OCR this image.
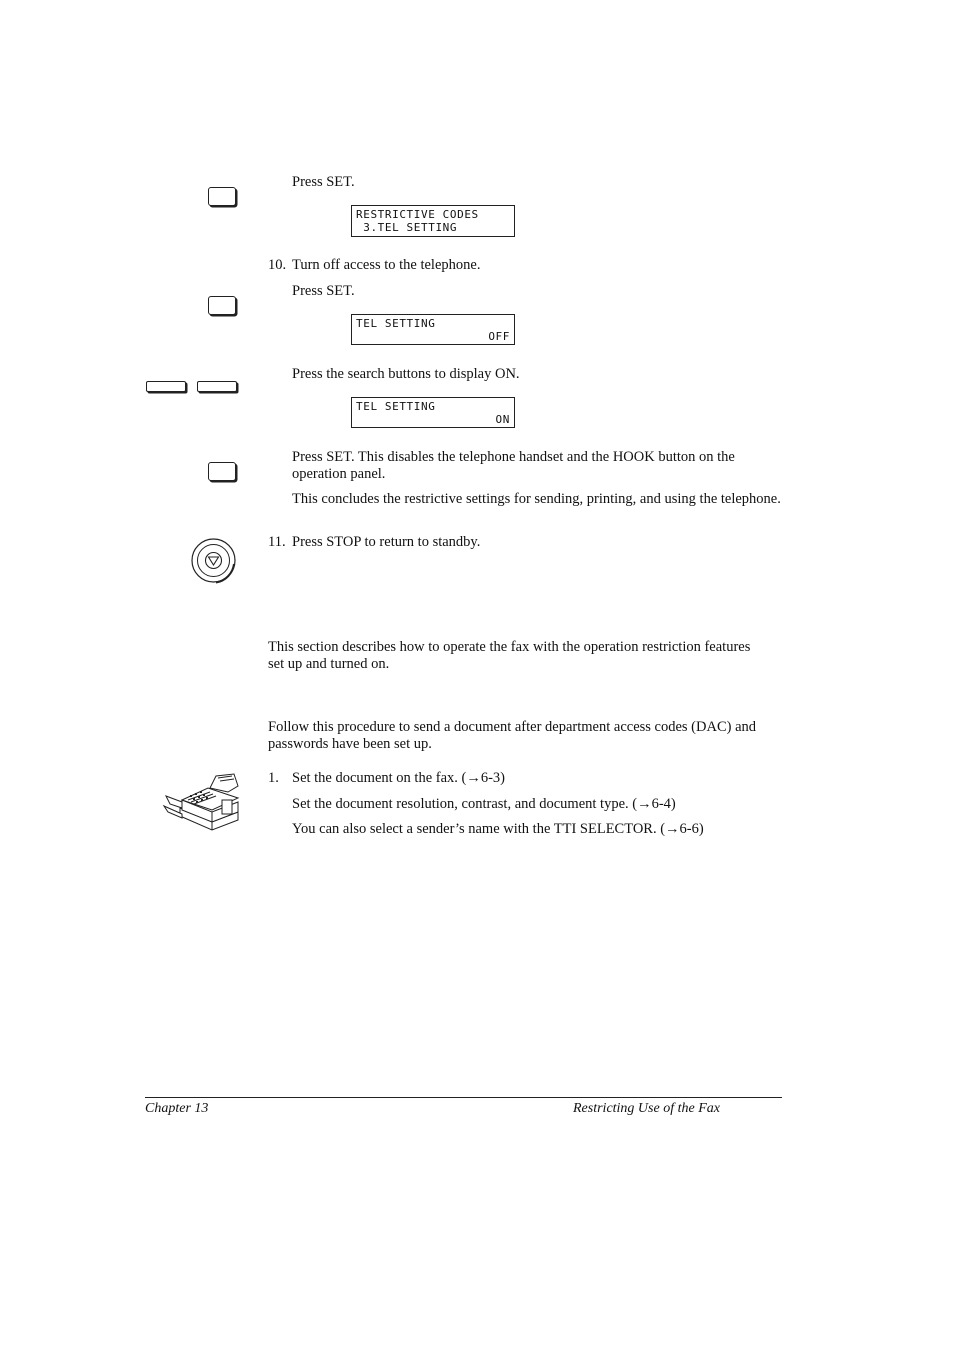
Press SET.
RESTRICTIVE CODES
3.TEL SETTING
10. Turn off access to the telephone.
Press SET.
TEL SETTING
OFF
Press the search buttons to display ON.
TEL SETTING
ON
Press SET. This disables the telephone handset and the HOOK button on the operation panel.
This concludes the restrictive settings for sending, printing, and using the telephone.
11. Press STOP to return to standby.
This section describes how to operate the fax with the operation restriction features set up and turned on.
Follow this procedure to send a document after department access codes (DAC) and passwords have been set up.
1. Set the document on the fax. (→6-3)
Set the document resolution, contrast, and document type. (→6-4)
You can also select a sender’s name with the TTI SELECTOR. (→6-6)
Chapter 13	Restricting Use of the Fax
